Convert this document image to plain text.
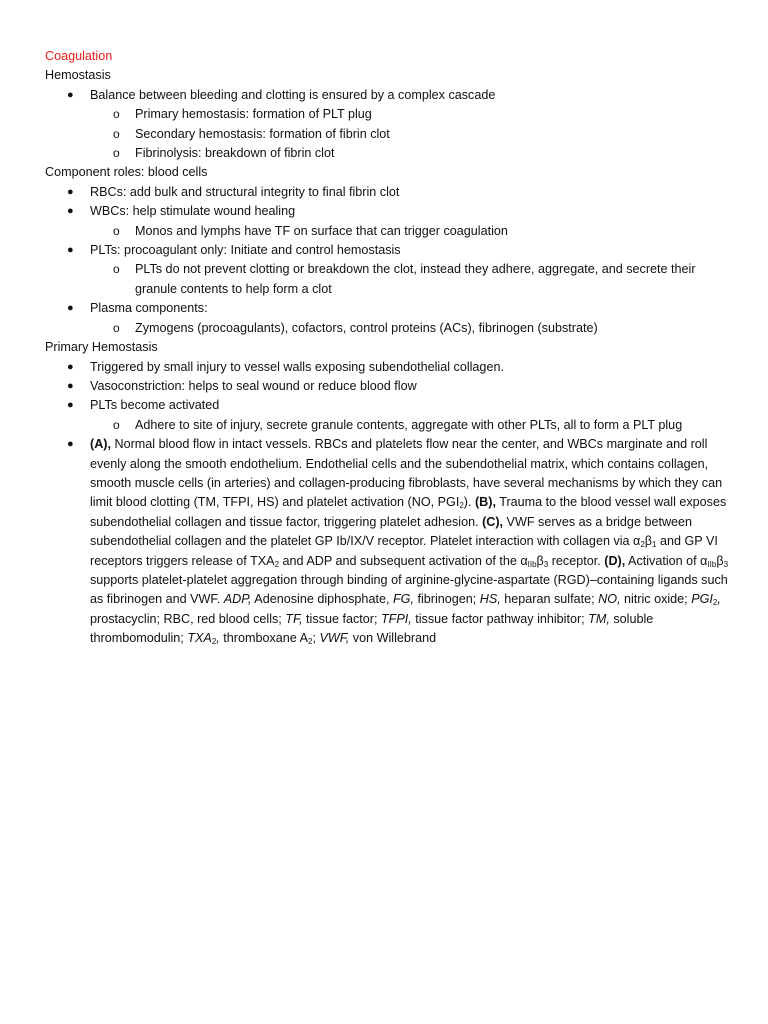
Coagulation
Hemostasis
● Balance between bleeding and clotting is ensured by a complex cascade
o Primary hemostasis: formation of PLT plug
o Secondary hemostasis: formation of fibrin clot
o Fibrinolysis: breakdown of fibrin clot
Component roles: blood cells
● RBCs: add bulk and structural integrity to final fibrin clot
● WBCs: help stimulate wound healing
o Monos and lymphs have TF on surface that can trigger coagulation
● PLTs: procoagulant only: Initiate and control hemostasis
o PLTs do not prevent clotting or breakdown the clot, instead they adhere, aggregate, and secrete their granule contents to help form a clot
● Plasma components:
o Zymogens (procoagulants), cofactors, control proteins (ACs), fibrinogen (substrate)
Primary Hemostasis
● Triggered by small injury to vessel walls exposing subendothelial collagen.
● Vasoconstriction: helps to seal wound or reduce blood flow
● PLTs become activated
o Adhere to site of injury, secrete granule contents, aggregate with other PLTs, all to form a PLT plug
● (A), Normal blood flow in intact vessels. RBCs and platelets flow near the center, and WBCs marginate and roll evenly along the smooth endothelium. Endothelial cells and the subendothelial matrix, which contains collagen, smooth muscle cells (in arteries) and collagen-producing fibroblasts, have several mechanisms by which they can limit blood clotting (TM, TFPI, HS) and platelet activation (NO, $PGI_2$). (B), Trauma to the blood vessel wall exposes subendothelial collagen and tissue factor, triggering platelet adhesion. (C), VWF serves as a bridge between subendothelial collagen and the platelet GP Ib/IX/V receptor. Platelet interaction with collagen via $\alpha_2\beta_1$ and GP VI receptors triggers release of $TXA_2$ and ADP and subsequent activation of the $\alpha_{IIb}\beta_3$ receptor. (D), Activation of $\alpha_{IIb}\beta_3$ supports platelet-platelet aggregation through binding of arginine-glycine-aspartate (RGD)–containing ligands such as fibrinogen and VWF. ADP, Adenosine diphosphate, FG, fibrinogen; HS, heparan sulfate; NO, nitric oxide; $PGI_2$, prostacyclin; RBC, red blood cells; TF, tissue factor; TFPI, tissue factor pathway inhibitor; TM, soluble thrombomodulin; $TXA_2$, thromboxane $A_2$; VWF, von Willebrand
